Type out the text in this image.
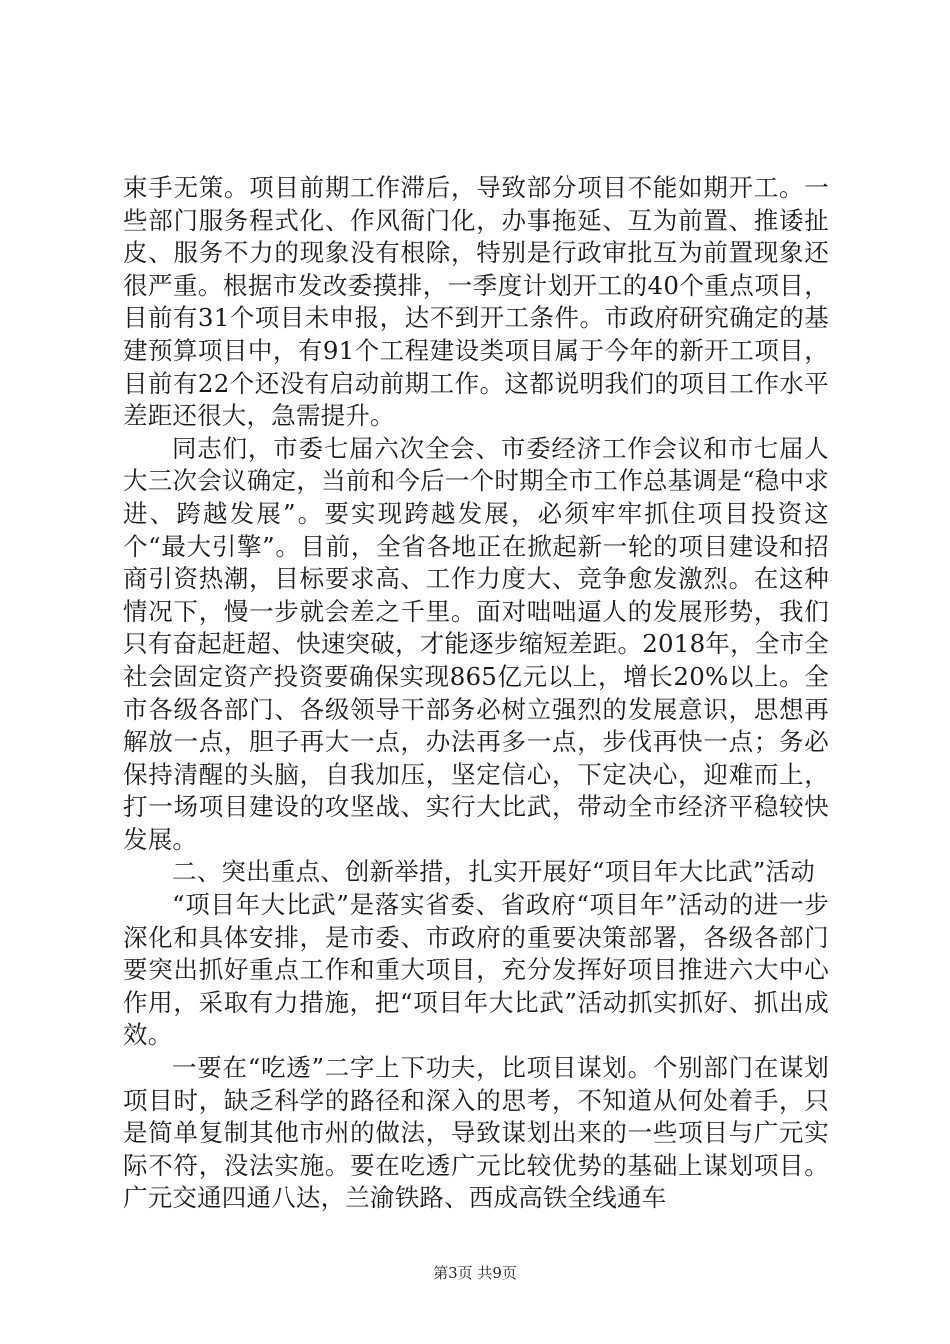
束手无策。项目前期工作滞后，导致部分项目不能如期开工。一些部门服务程式化、作风衙门化，办事拖延、互为前置、推诿扯皮、服务不力的现象没有根除，特别是行政审批互为前置现象还很严重。根据市发改委摸排，一季度计划开工的40个重点项目，目前有31个项目未申报，达不到开工条件。市政府研究确定的基建预算项目中，有91个工程建设类项目属于今年的新开工项目，目前有22个还没有启动前期工作。这都说明我们的项目工作水平差距还很大，急需提升。

同志们，市委七届六次全会、市委经济工作会议和市七届人大三次会议确定，当前和今后一个时期全市工作总基调是“稳中求进、跨越发展”。要实现跨越发展，必须牢牢抓住项目投资这个“最大引擎”。目前，全省各地正在掀起新一轮的项目建设和招商引资热潮，目标要求高、工作力度大、竞争愈发激烈。在这种情况下，慢一步就会差之千里。面对咄咄逼人的发展形势，我们只有奋起赶超、快速突破，才能逐步缩短差距。2018年，全市全社会固定资产投资要确保实现865亿元以上，增长20%以上。全市各级各部门、各级领导干部务必树立强烈的发展意识，思想再解放一点，胆子再大一点，办法再多一点，步伐再快一点；务必保持清醒的头脑，自我加压，坚定信心，下定决心，迎难而上，打一场项目建设的攻坚战、实行大比武，带动全市经济平稳较快发展。

二、突出重点、创新举措，扎实开展好“项目年大比武”活动

“项目年大比武”是落实省委、省政府“项目年”活动的进一步深化和具体安排，是市委、市政府的重要决策部署，各级各部门要突出抓好重点工作和重大项目，充分发挥好项目推进六大中心作用，采取有力措施，把“项目年大比武”活动抓实抓好、抓出成效。

一要在“吃透”二字上下功夫，比项目谋划。个别部门在谋划项目时，缺乏科学的路径和深入的思考，不知道从何处着手，只是简单复制其他市州的做法，导致谋划出来的一些项目与广元实际不符，没法实施。要在吃透广元比较优势的基础上谋划项目。广元交通四通八达，兰渝铁路、西成高铁全线通车

第3页 共9页
